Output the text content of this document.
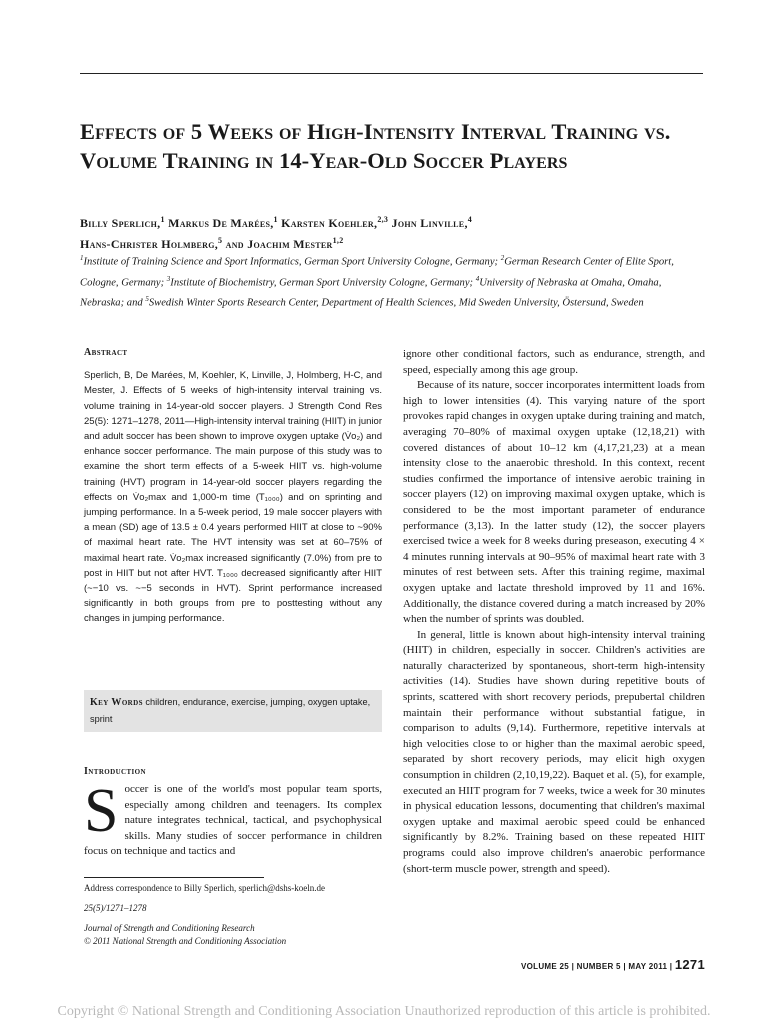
Effects of 5 Weeks of High-Intensity Interval Training vs. Volume Training in 14-Year-Old Soccer Players
Billy Sperlich,$^1$ Markus De Marées,$^1$ Karsten Koehler,$^{2,3}$ John Linville,$^4$
Hans-Christer Holmberg,$^5$ and Joachim Mester$^{1,2}$
$^1$Institute of Training Science and Sport Informatics, German Sport University Cologne, Germany; $^2$German Research Center of Elite Sport, Cologne, Germany; $^3$Institute of Biochemistry, German Sport University Cologne, Germany; $^4$University of Nebraska at Omaha, Omaha, Nebraska; and $^5$Swedish Winter Sports Research Center, Department of Health Sciences, Mid Sweden University, Östersund, Sweden

Abstract

Sperlich, B, De Marées, M, Koehler, K, Linville, J, Holmberg, H-C, and Mester, J. Effects of 5 weeks of high-intensity interval training vs. volume training in 14-year-old soccer players. J Strength Cond Res 25(5): 1271–1278, 2011—High-intensity interval training (HIIT) in junior and adult soccer has been shown to improve oxygen uptake (V̇o₂) and enhance soccer performance. The main purpose of this study was to examine the short term effects of a 5-week HIIT vs. high-volume training (HVT) program in 14-year-old soccer players regarding the effects on V̇o₂max and 1,000-m time (T₁₀₀₀) and on sprinting and jumping performance. In a 5-week period, 19 male soccer players with a mean (SD) age of 13.5 ± 0.4 years performed HIIT at close to ~90% of maximal heart rate. The HVT intensity was set at 60–75% of maximal heart rate. V̇o₂max increased significantly (7.0%) from pre to post in HIIT but not after HVT. T₁₀₀₀ decreased significantly after HIIT (~−10 vs. ~−5 seconds in HVT). Sprint performance increased significantly in both groups from pre to posttesting without any changes in jumping performance.

Key Words children, endurance, exercise, jumping, oxygen uptake, sprint
Introduction
Soccer is one of the world's most popular team sports, especially among children and teenagers. Its complex nature integrates technical, tactical, and psychophysical skills. Many studies of soccer performance in children focus on technique and tactics and

Address correspondence to Billy Sperlich, sperlich@dshs-koeln.de

25(5)/1271–1278

Journal of Strength and Conditioning Research

© 2011 National Strength and Conditioning Association

ignore other conditional factors, such as endurance, strength, and speed, especially among this age group.

Because of its nature, soccer incorporates intermittent loads from high to lower intensities (4). This varying nature of the sport provokes rapid changes in oxygen uptake during training and match, averaging 70–80% of maximal oxygen uptake (12,18,21) with covered distances of about 10–12 km (4,17,21,23) at a mean intensity close to the anaerobic threshold. In this context, recent studies confirmed the importance of intensive aerobic training in soccer players (12) on improving maximal oxygen uptake, which is considered to be the most important parameter of endurance performance (3,13). In the latter study (12), the soccer players exercised twice a week for 8 weeks during preseason, executing 4 × 4 minutes running intervals at 90–95% of maximal heart rate with 3 minutes of rest between sets. After this training regime, maximal oxygen uptake and lactate threshold improved by 11 and 16%. Additionally, the distance covered during a match increased by 20% when the number of sprints was doubled.

In general, little is known about high-intensity interval training (HIIT) in children, especially in soccer. Children's activities are naturally characterized by spontaneous, short-term high-intensity activities (14). Studies have shown during repetitive bouts of sprints, scattered with short recovery periods, prepubertal children maintain their performance without substantial fatigue, in comparison to adults (9,14). Furthermore, repetitive intervals at high velocities close to or higher than the maximal aerobic speed, separated by short recovery periods, may elicit high oxygen consumption in children (2,10,19,22). Baquet et al. (5), for example, executed an HIIT program for 7 weeks, twice a week for 30 minutes in physical education lessons, documenting that children's maximal oxygen uptake and maximal aerobic speed could be enhanced significantly by 8.2%. Training based on these repeated HIIT programs could also improve children's anaerobic performance (short-term muscle power, strength and speed).

VOLUME 25 | NUMBER 5 | MAY 2011 | 1271
Copyright © National Strength and Conditioning Association Unauthorized reproduction of this article is prohibited.
